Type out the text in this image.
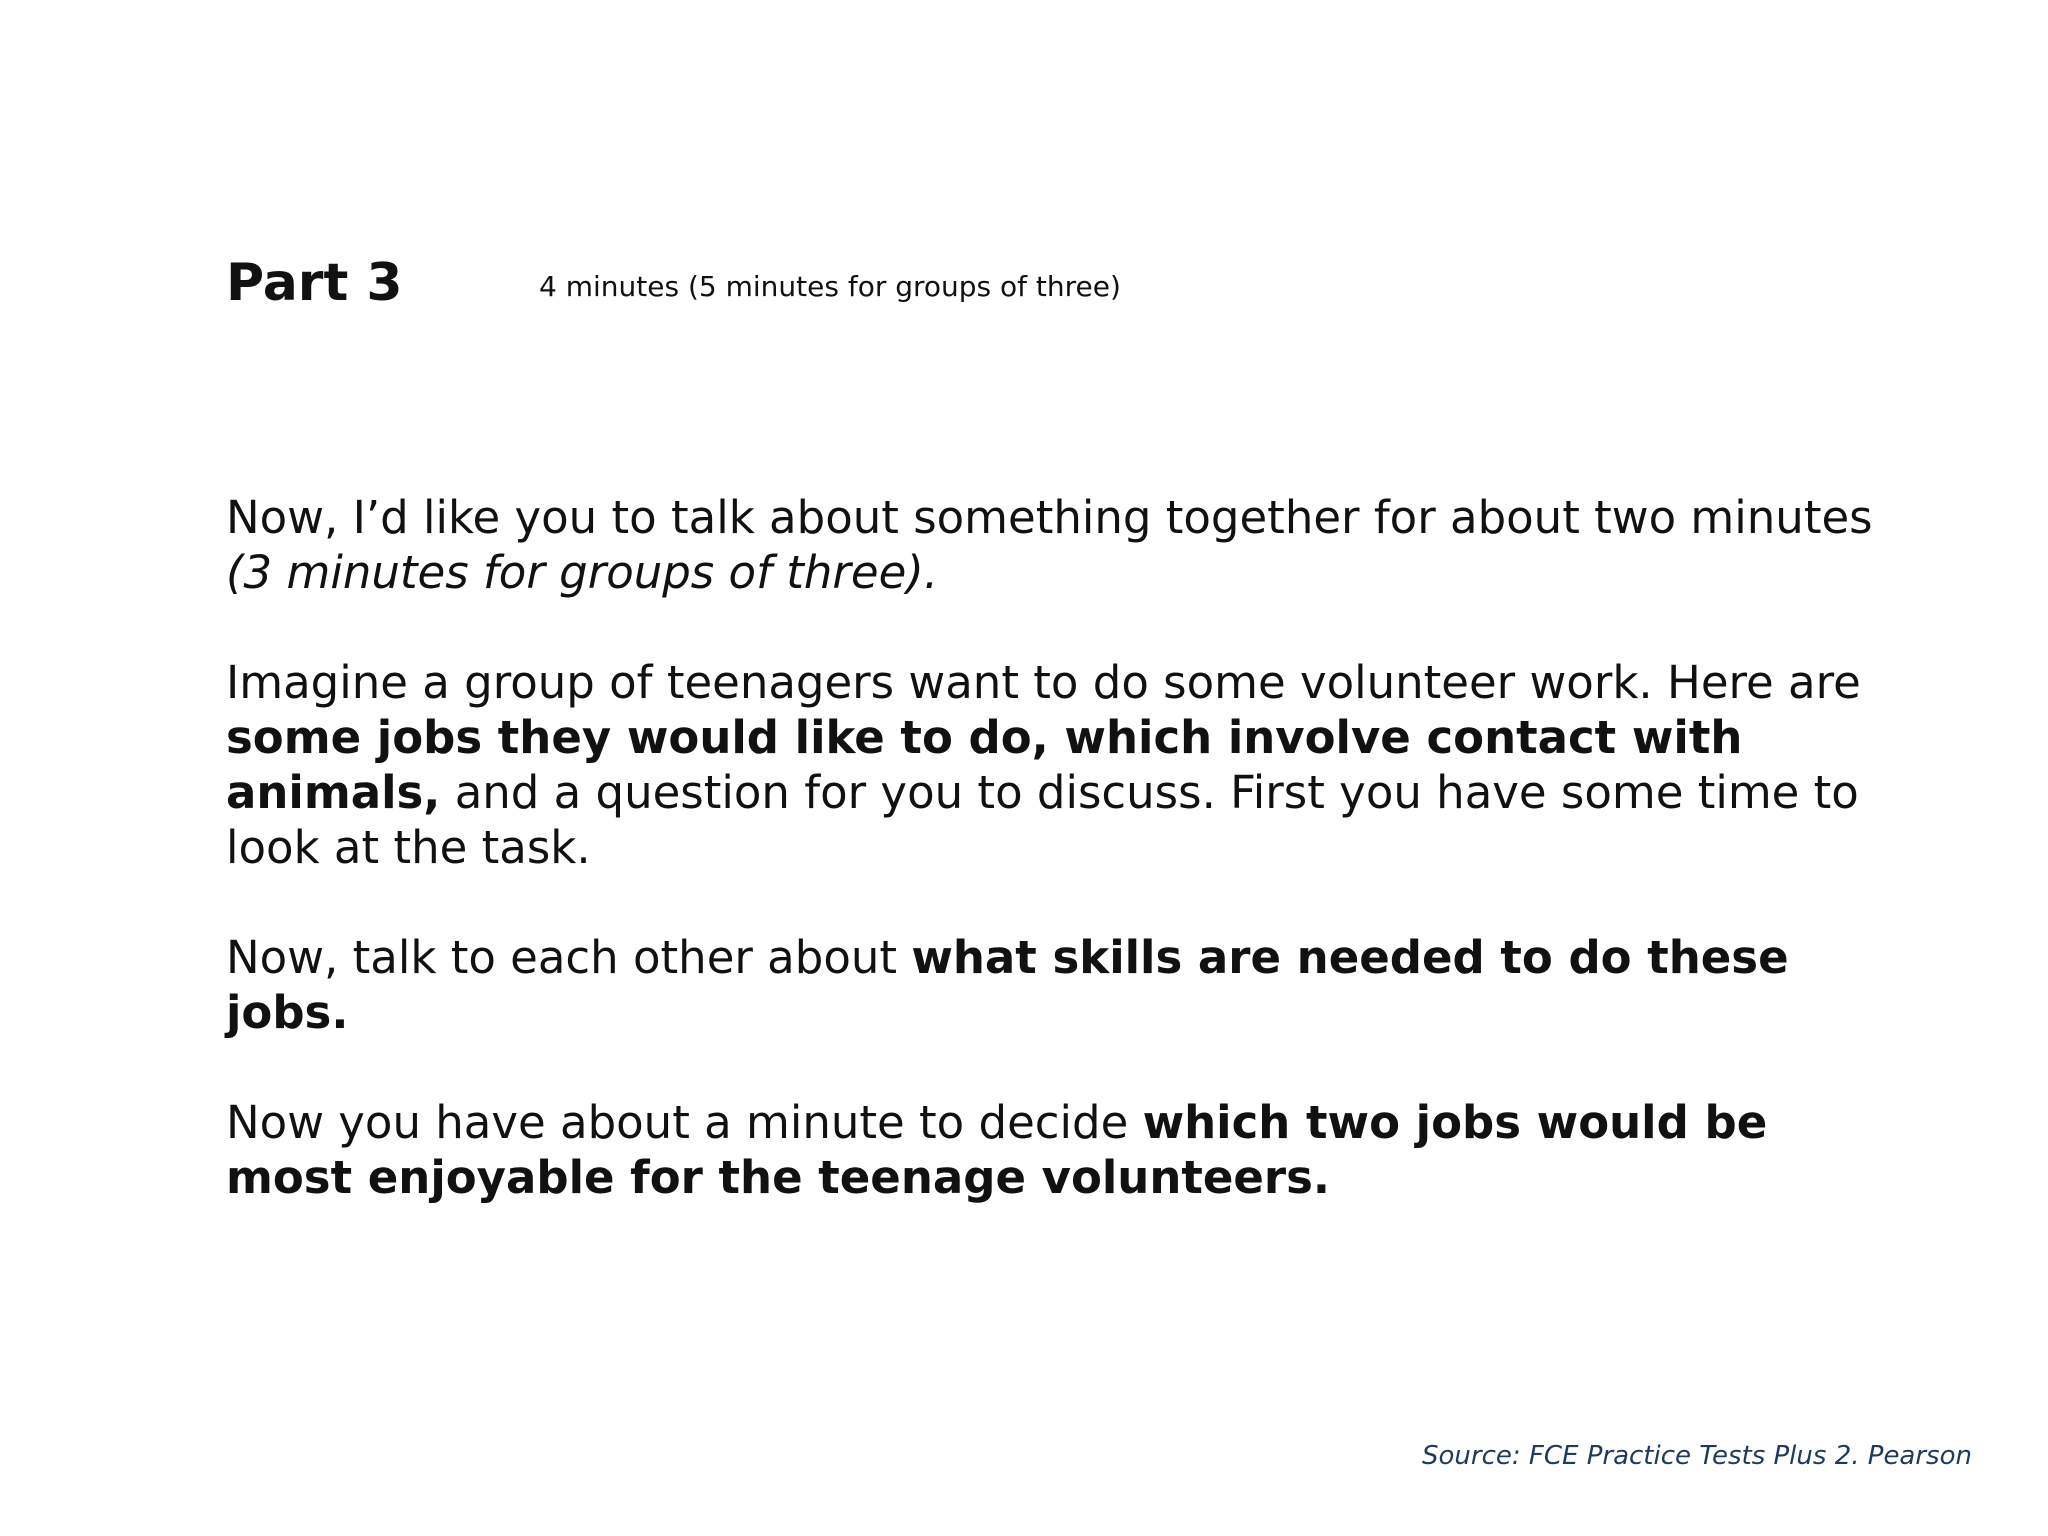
Part 3	4 minutes (5 minutes for groups of three)

Now, I’d like you to talk about something together for about two minutes (3 minutes for groups of three).

Imagine a group of teenagers want to do some volunteer work. Here are some jobs they would like to do, which involve contact with animals, and a question for you to discuss. First you have some time to look at the task.

Now, talk to each other about what skills are needed to do these jobs.

Now you have about a minute to decide which two jobs would be most enjoyable for the teenage volunteers.

Source: FCE Practice Tests Plus 2. Pearson
